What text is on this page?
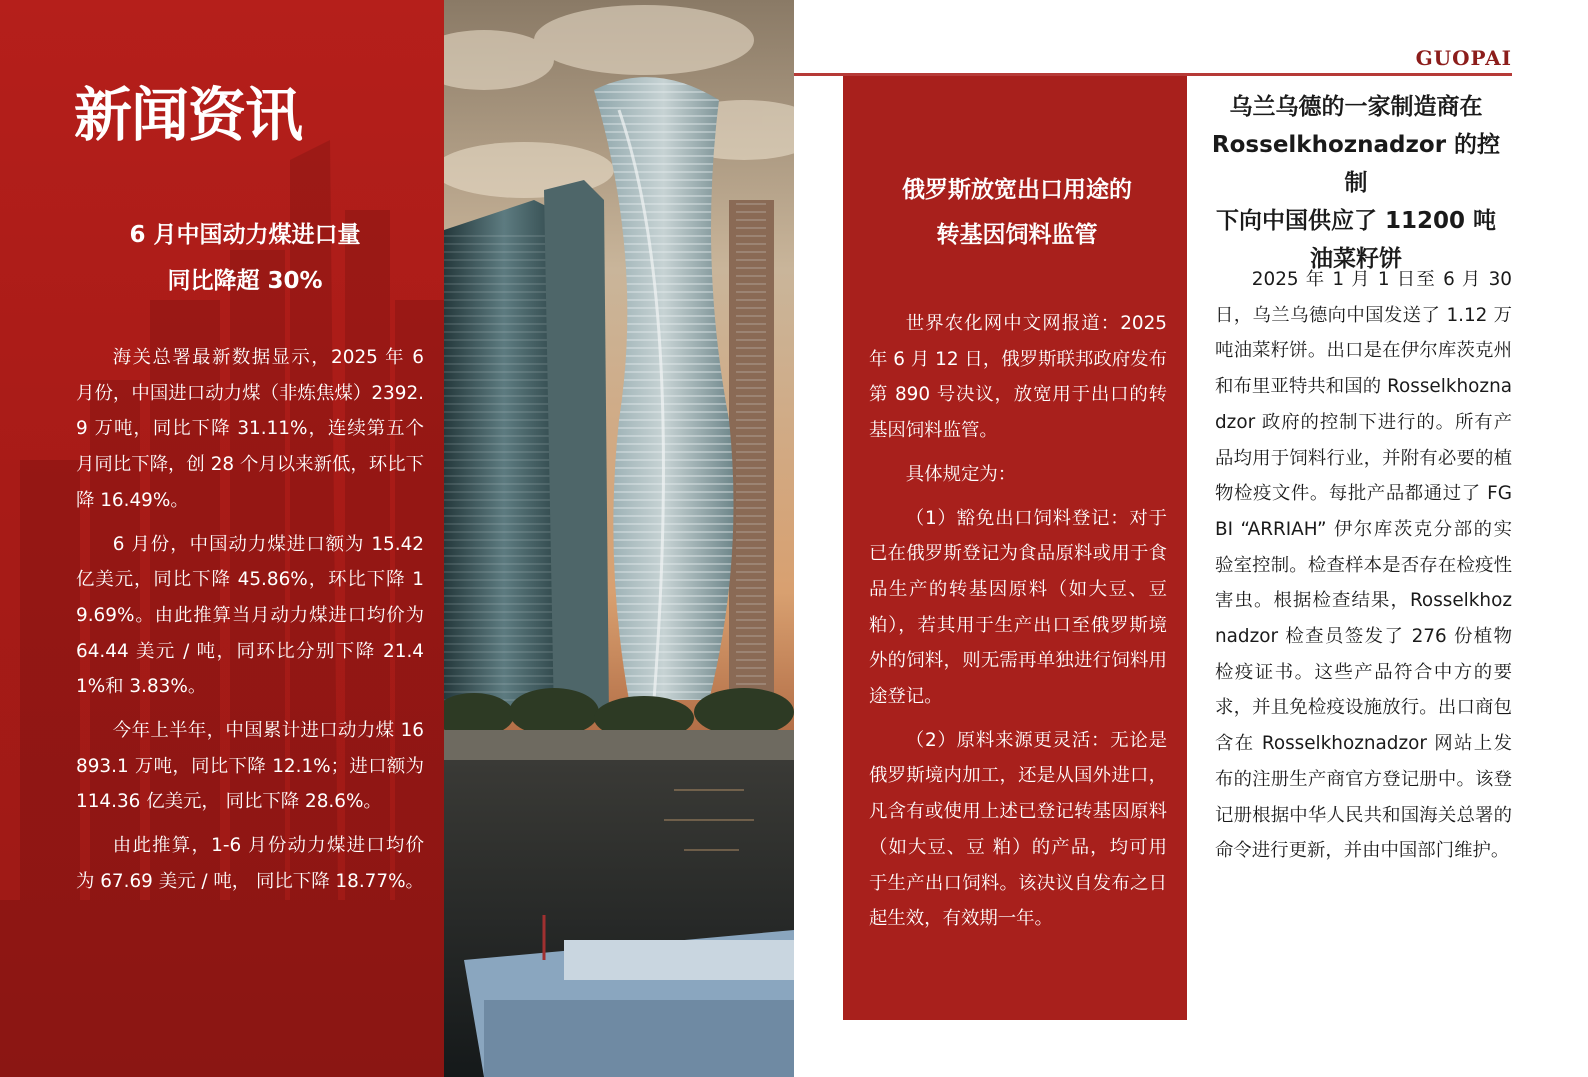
新闻资讯
6 月中国动力煤进口量
同比降超 30%

海关总署最新数据显示，2025 年 6 月份，中国进口动力煤（非炼焦煤）2392.9 万吨，同比下降 31.11%，连续第五个月同比下降，创 28 个月以来新低，环比下降 16.49%。

6 月份，中国动力煤进口额为 15.42 亿美元，同比下降 45.86%，环比下降 19.69%。由此推算当月动力煤进口均价为 64.44 美元 / 吨，同环比分别下降 21.41%和 3.83%。

今年上半年，中国累计进口动力煤 16893.1 万吨，同比下降 12.1%；进口额为 114.36 亿美元， 同比下降 28.6%。

由此推算，1-6 月份动力煤进口均价为 67.69 美元 / 吨， 同比下降 18.77%。

GUOPAI
俄罗斯放宽出口用途的
转基因饲料监管

世界农化网中文网报道：2025 年 6 月 12 日，俄罗斯联邦政府发布第 890 号决议，放宽用于出口的转基因饲料监管。

具体规定为：

（1）豁免出口饲料登记：对于已在俄罗斯登记为食品原料或用于食品生产的转基因原料（如大豆、豆粕），若其用于生产出口至俄罗斯境外的饲料，则无需再单独进行饲料用途登记。

（2）原料来源更灵活：无论是俄罗斯境内加工，还是从国外进口，凡含有或使用上述已登记转基因原料（如大豆、豆 粕）的产品，均可用于生产出口饲料。该决议自发布之日起生效，有效期一年。

乌兰乌德的一家制造商在
Rosselkhoznadzor 的控制
下向中国供应了 11200 吨
油菜籽饼

2025 年 1 月 1 日至 6 月 30 日，乌兰乌德向中国发送了 1.12 万吨油菜籽饼。出口是在伊尔库茨克州和布里亚特共和国的 Rosselkhoznadzor 政府的控制下进行的。所有产品均用于饲料行业，并附有必要的植物检疫文件。每批产品都通过了 FGBI “ARRIAH” 伊尔库茨克分部的实验室控制。检查样本是否存在检疫性害虫。根据检查结果，Rosselkhoznadzor 检查员签发了 276 份植物检疫证书。这些产品符合中方的要求，并且免检疫设施放行。出口商包含在 Rosselkhoznadzor 网站上发布的注册生产商官方登记册中。该登记册根据中华人民共和国海关总署的命令进行更新，并由中国部门维护。
